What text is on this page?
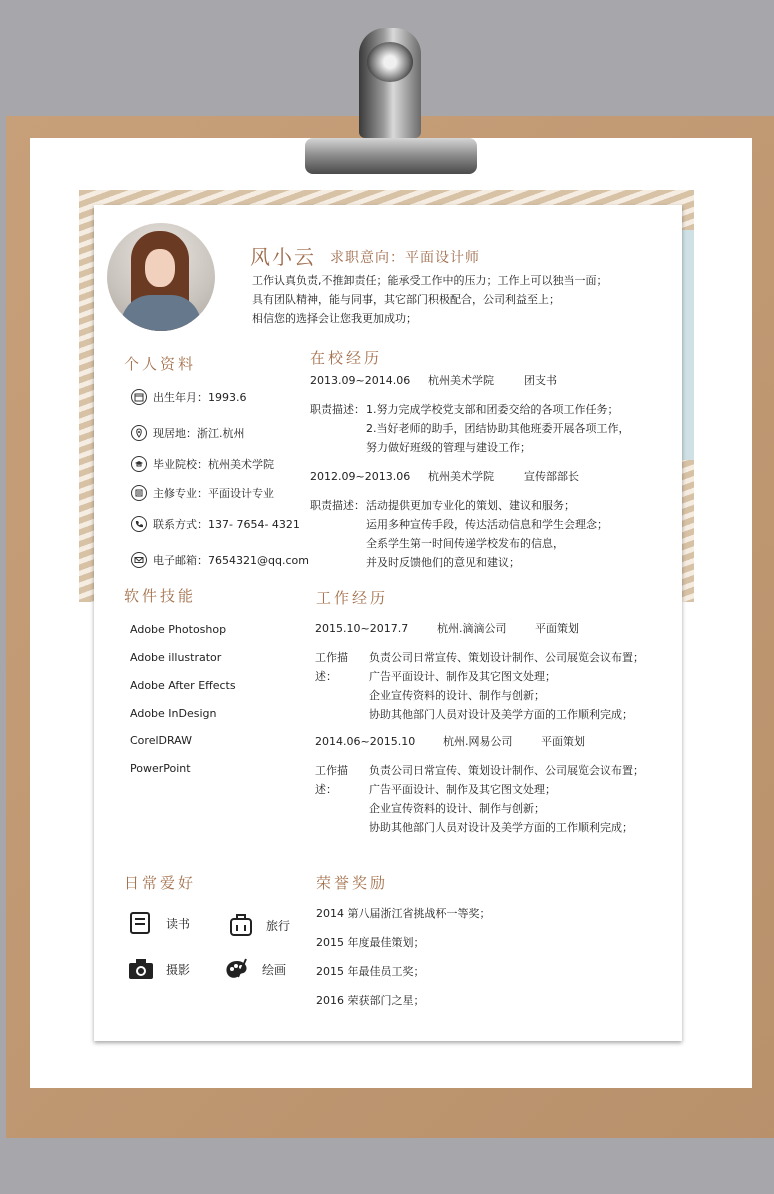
风小云 求职意向：平面设计师
工作认真负责,不推卸责任；能承受工作中的压力；工作上可以独当一面；
具有团队精神，能与同事，其它部门积极配合，公司利益至上；
相信您的选择会让您我更加成功；
个人资料
出生年月：1993.6
现居地：浙江.杭州
毕业院校：杭州美术学院
主修专业：平面设计专业
联系方式：137- 7654- 4321
电子邮箱：7654321@qq.com
在校经历
2013.09~2014.06	杭州美术学院	团支书
职责描述： 1.努力完成学校党支部和团委交给的各项工作任务；
2.当好老师的助手，团结协助其他班委开展各项工作，
努力做好班级的管理与建设工作；
2012.09~2013.06	杭州美术学院	宣传部部长
职责描述： 活动提供更加专业化的策划、建议和服务；
运用多种宣传手段，传达活动信息和学生会理念；
全系学生第一时间传递学校发布的信息，
并及时反馈他们的意见和建议；
软件技能
Adobe Photoshop
Adobe illustrator
Adobe After Effects
Adobe InDesign
CorelDRAW
PowerPoint
工作经历
2015.10~2017.7	杭州.滴滴公司	平面策划
工作描述：
负责公司日常宣传、策划设计制作、公司展览会议布置；
广告平面设计、制作及其它图文处理；
企业宣传资料的设计、制作与创新；
协助其他部门人员对设计及美学方面的工作顺利完成；
2014.06~2015.10	杭州.网易公司	平面策划
工作描述：
负责公司日常宣传、策划设计制作、公司展览会议布置；
广告平面设计、制作及其它图文处理；
企业宣传资料的设计、制作与创新；
协助其他部门人员对设计及美学方面的工作顺利完成；
日常爱好
读书	旅行
摄影	绘画
荣誉奖励
2014 第八届浙江省挑战杯一等奖；
2015 年度最佳策划；
2015 年最佳员工奖；
2016 荣获部门之星；
